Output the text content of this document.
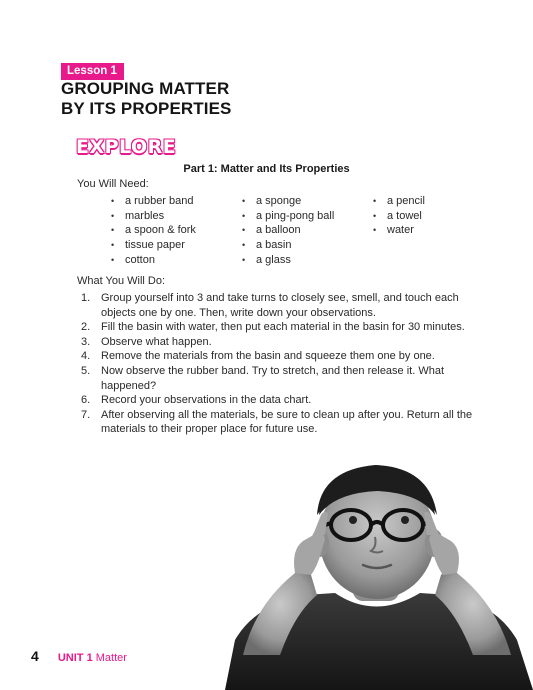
Lesson 1
GROUPING MATTER
BY ITS PROPERTIES
EXPLORE
Part 1: Matter and Its Properties

You Will Need:

• a rubber band
• marbles
• a spoon & fork
• tissue paper
• cotton
• a sponge
• a ping-pong ball
• a balloon
• a basin
• a glass
• a pencil
• a towel
• water

What You Will Do:

1. Group yourself into 3 and take turns to closely see, smell, and touch each objects one by one. Then, write down your observations.
2. Fill the basin with water, then put each material in the basin for 30 minutes.
3. Observe what happen.
4. Remove the materials from the basin and squeeze them one by one.
5. Now observe the rubber band. Try to stretch, and then release it. What happened?
6. Record your observations in the data chart.
7. After observing all the materials, be sure to clean up after you. Return all the materials to their proper place for future use.
4 UNIT 1 Matter
